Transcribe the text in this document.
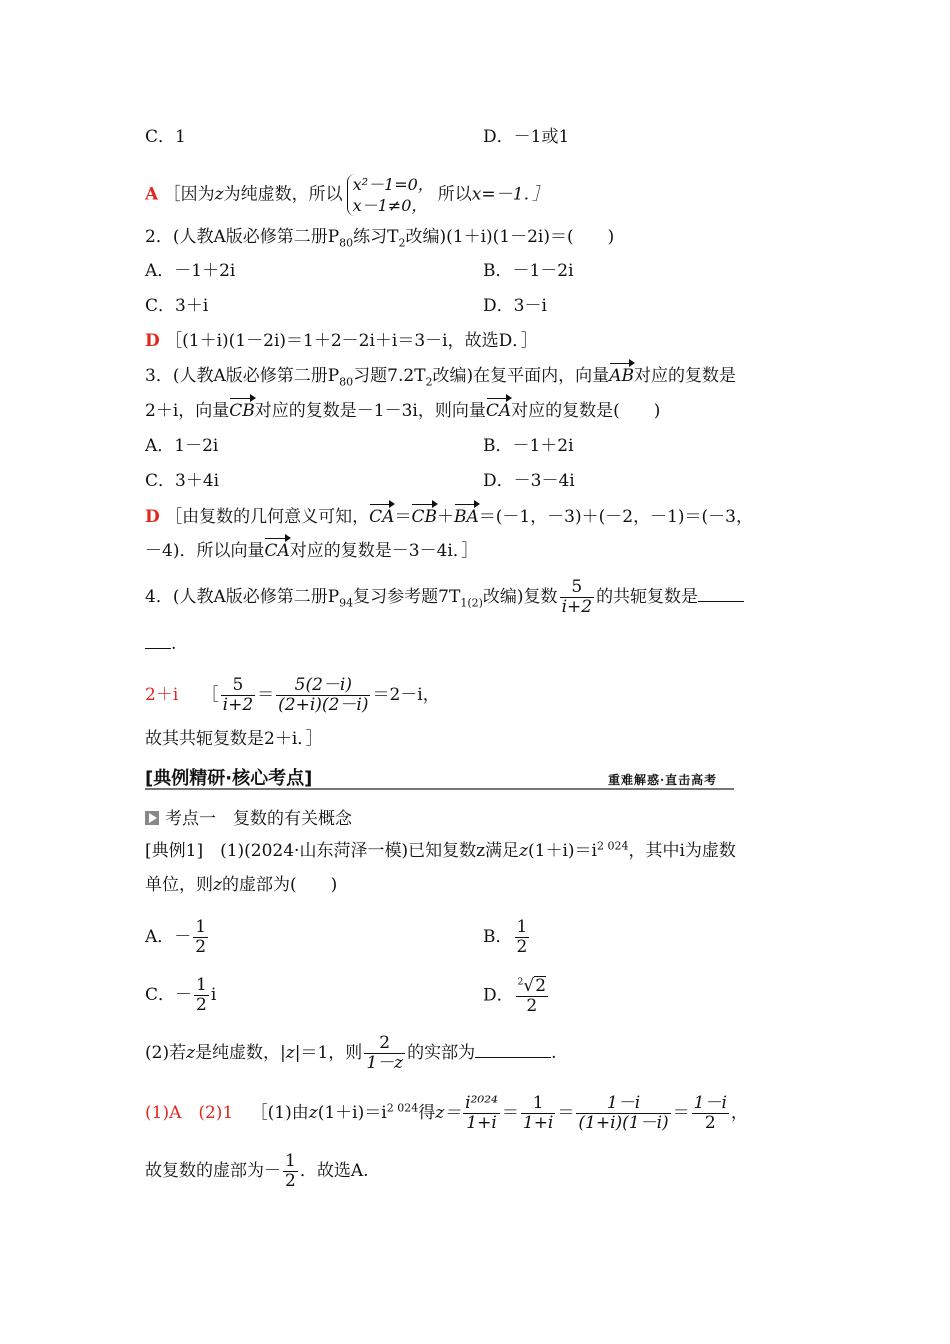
C．1	D．－1或1
A ［因为z为纯虚数，所以 x²－1=0，
x－1≠0，
所以x=－1．］
2．(人教A版必修第二册$P_{80}$练习$T_2$改编)(1＋i)(1－2i)＝(　　)
A．－1＋2i	B．－1－2i
C．3＋i	D．3－i
D ［(1＋i)(1－2i)＝1＋2－2i＋i＝3－i，故选D．］
3．(人教A版必修第二册$P_{80}$习题$7.2T_2$改编)在复平面内，向量AB对应的复数是
2＋i，向量CB对应的复数是－1－3i，则向量CA对应的复数是(　　)
A．1－2i	B．－1＋2i
C．3＋4i	D．－3－4i
D ［由复数的几何意义可知，CA＝CB＋BA＝(－1，－3)＋(－2，－1)＝(－3，
－4)．所以向量CA对应的复数是－3－4i．］
4．(人教A版必修第二册$P_{94}$复习参考题$7T_{1(2)}$改编)复数 $\frac{5}{i+2}$ 的共轭复数是
.
2＋i ［ $\frac{5}{i+2} = \frac{5(2-i)}{(2+i)(2-i)} =2-i$，
故其共轭复数是2＋i．］
[典例精研·核心考点]	重难解惑·直击高考
考点一　复数的有关概念
[典例1]　(1)(2024·山东菏泽一模)已知复数z满足$z(1+i)=i^{2 024}$，其中i为虚数
单位，则z的虚部为(　　)
A．－ $\frac{1}{2}$	B． $\frac{1}{2}$
C．－ $\frac{1}{2}$ i	D． $\frac{^2√2}{2}$
(2)若z是纯虚数，|z|＝1，则 $\frac{2}{1-z}$ 的实部为	.
(1)A　(2)1 ［(1)由$z(1+i)=i^{2 024}$得$z= \frac{\text{i²⁰²⁴}}{1+i} = \frac{1}{1+i} = \frac{1-i}{(1+i)(1-i)} = \frac{1-i}{2}$ ，
故复数的虚部为－ $\frac{1}{2}$ ．故选A.
